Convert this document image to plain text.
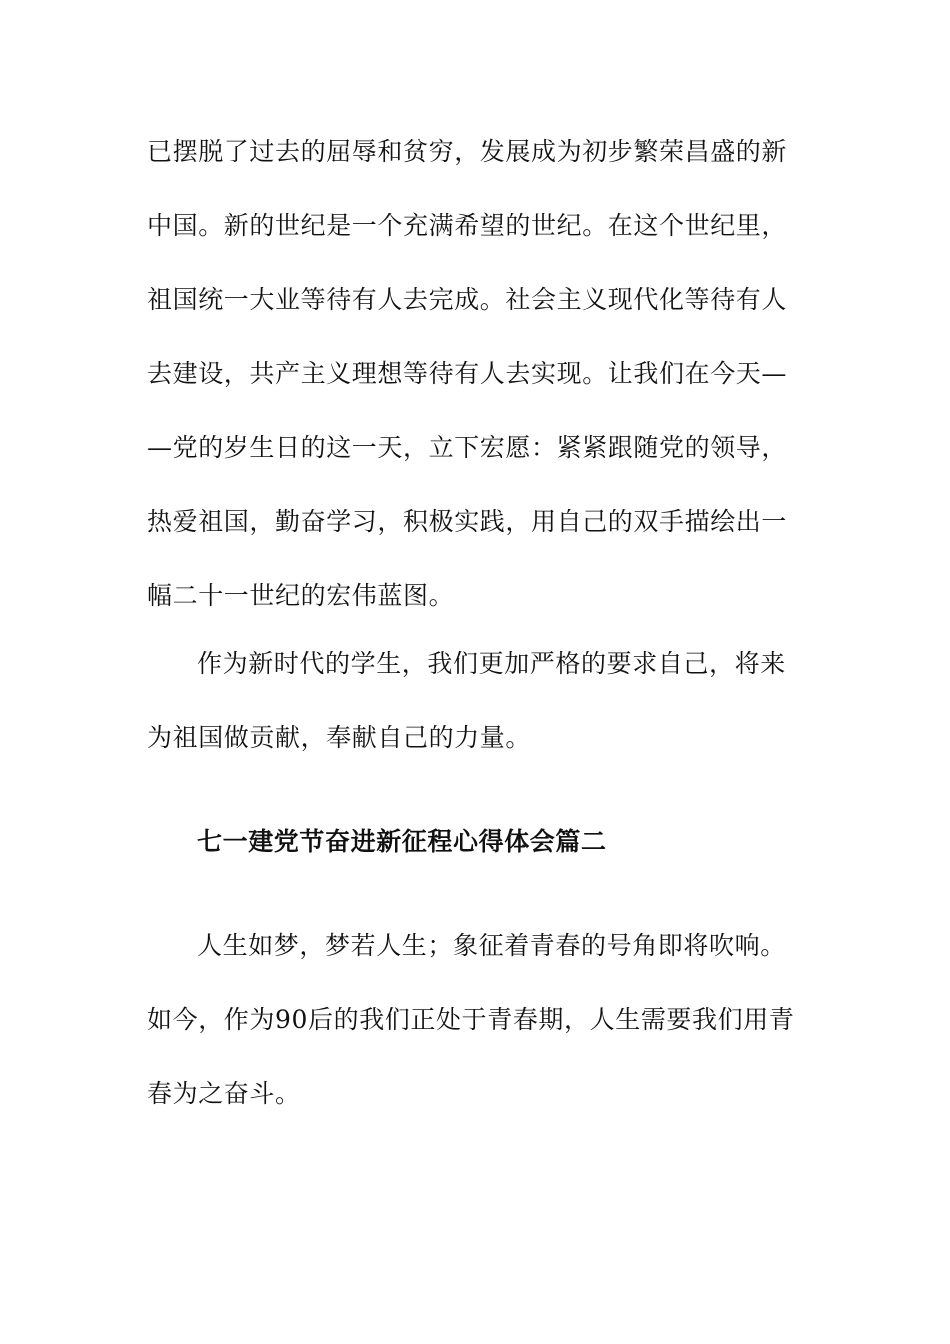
已摆脱了过去的屈辱和贫穷，发展成为初步繁荣昌盛的新
中国。新的世纪是一个充满希望的世纪。在这个世纪里，
祖国统一大业等待有人去完成。社会主义现代化等待有人
去建设，共产主义理想等待有人去实现。让我们在今天—
—党的岁生日的这一天，立下宏愿：紧紧跟随党的领导，
热爱祖国，勤奋学习，积极实践，用自己的双手描绘出一
幅二十一世纪的宏伟蓝图。
作为新时代的学生，我们更加严格的要求自己，将来
为祖国做贡献，奉献自己的力量。
七一建党节奋进新征程心得体会篇二
人生如梦，梦若人生；象征着青春的号角即将吹响。
如今，作为90后的我们正处于青春期，人生需要我们用青
春为之奋斗。
